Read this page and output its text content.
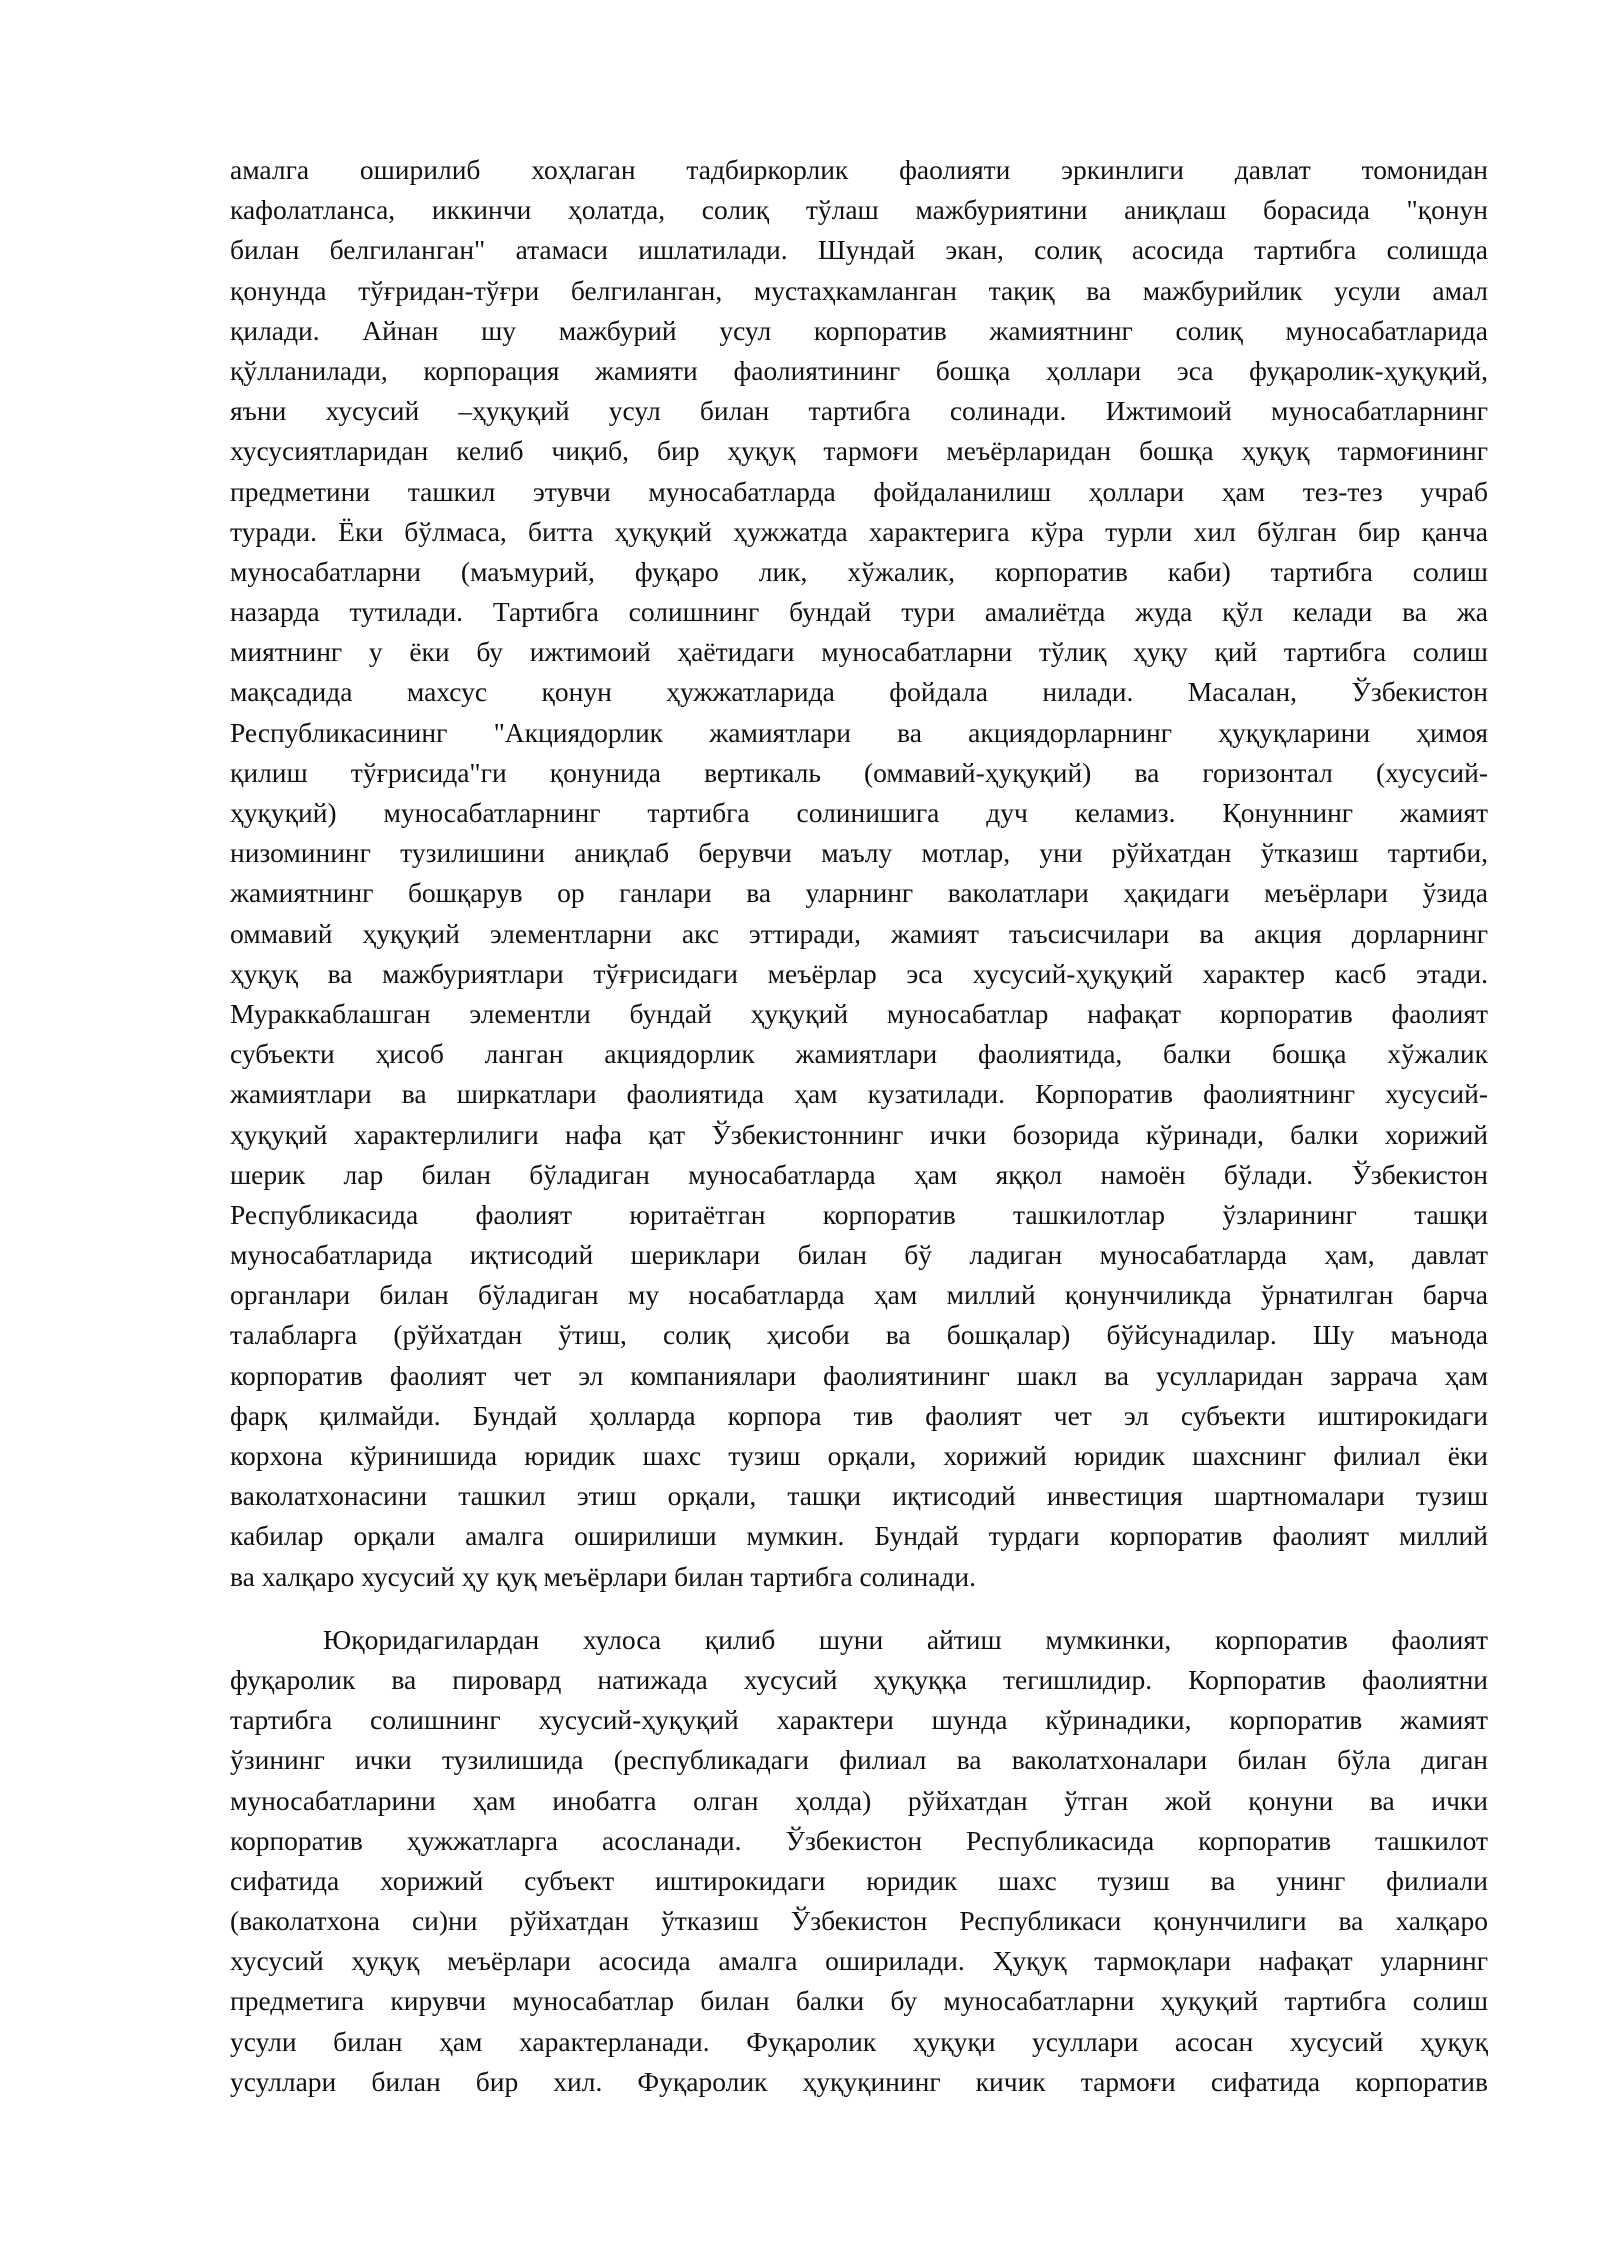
амалга оширилиб хоҳлаган тадбиркорлик фаолияти эркинлиги давлат томонидан
кафолатланса, иккинчи ҳолатда, солиқ тўлаш мажбуриятини аниқлаш борасида "қонун
билан белгиланган" атамаси ишлатилади. Шундай экан, солиқ асосида тартибга солишда
қонунда тўғридан-тўғри белгиланган, мустаҳкамланган тақиқ ва мажбурийлик усули амал
қилади. Айнан шу мажбурий усул корпоратив жамиятнинг солиқ муносабатларида
қўлланилади, корпорация жамияти фаолиятининг бошқа ҳоллари эса фуқаролик-ҳуқуқий,
яъни хусусий –ҳуқуқий усул билан тартибга солинади. Ижтимоий муносабатларнинг
хусусиятларидан келиб чиқиб, бир ҳуқуқ тармоғи меъёрларидан бошқа ҳуқуқ тармоғининг
предметини ташкил этувчи муносабатларда фойдаланилиш ҳоллари ҳам тез-тез учраб
туради. Ёки бўлмаса, битта ҳуқуқий ҳужжатда характерига кўра турли хил бўлган бир қанча
муносабатларни (маъмурий, фуқаро лик, хўжалик, корпоратив каби) тартибга солиш
назарда тутилади. Тартибга солишнинг бундай тури амалиётда жуда қўл келади ва жа
миятнинг у ёки бу ижтимоий ҳаётидаги муносабатларни тўлиқ ҳуқу қий тартибга солиш
мақсадида махсус қонун ҳужжатларида фойдала нилади. Масалан, Ўзбекистон
Республикасининг "Акциядорлик жамиятлари ва акциядорларнинг ҳуқуқларини ҳимоя
қилиш тўғрисида"ги қонунида вертикаль (оммавий-ҳуқуқий) ва горизонтал (хусусий-
ҳуқуқий) муносабатларнинг тартибга солинишига дуч келамиз. Қонуннинг жамият
низомининг тузилишини аниқлаб берувчи маълу мотлар, уни рўйхатдан ўтказиш тартиби,
жамиятнинг бошқарув ор ганлари ва уларнинг ваколатлари ҳақидаги меъёрлари ўзида
оммавий ҳуқуқий элементларни акс эттиради, жамият таъсисчилари ва акция дорларнинг
ҳуқуқ ва мажбуриятлари тўғрисидаги меъёрлар эса хусусий-ҳуқуқий характер касб этади.
Мураккаблашган элементли бундай ҳуқуқий муносабатлар нафақат корпоратив фаолият
субъекти ҳисоб ланган акциядорлик жамиятлари фаолиятида, балки бошқа хўжалик
жамиятлари ва ширкатлари фаолиятида ҳам кузатилади. Корпоратив фаолиятнинг хусусий-
ҳуқуқий характерлилиги нафа қат Ўзбекистоннинг ички бозорида кўринади, балки хорижий
шерик лар билан бўладиган муносабатларда ҳам яққол намоён бўлади. Ўзбекистон
Республикасида фаолият юритаётган корпоратив ташкилотлар ўзларининг ташқи
муносабатларида иқтисодий шериклари билан бў ладиган муносабатларда ҳам, давлат
органлари билан бўладиган му носабатларда ҳам миллий қонунчиликда ўрнатилган барча
талабларга (рўйхатдан ўтиш, солиқ ҳисоби ва бошқалар) бўйсунадилар. Шу маънода
корпоратив фаолият чет эл компаниялари фаолиятининг шакл ва усулларидан заррача ҳам
фарқ қилмайди. Бундай ҳолларда корпора тив фаолият чет эл субъекти иштирокидаги
корхона кўринишида юридик шахс тузиш орқали, хорижий юридик шахснинг филиал ёки
ваколатхонасини ташкил этиш орқали, ташқи иқтисодий инвестиция шартномалари тузиш
кабилар орқали амалга оширилиши мумкин. Бундай турдаги корпоратив фаолият миллий
ва халқаро хусусий ҳу қуқ меъёрлари билан тартибга солинади.
Юқоридагилардан хулоса қилиб шуни айтиш мумкинки, корпоратив фаолият
фуқаролик ва пировард натижада хусусий ҳуқуққа тегишлидир. Корпоратив фаолиятни
тартибга солишнинг хусусий-ҳуқуқий характери шунда кўринадики, корпоратив жамият
ўзининг ички тузилишида (республикадаги филиал ва ваколатхоналари билан бўла диган
муносабатларини ҳам инобатга олган ҳолда) рўйхатдан ўтган жой қонуни ва ички
корпоратив ҳужжатларга асосланади. Ўзбекистон Республикасида корпоратив ташкилот
сифатида хорижий субъект иштирокидаги юридик шахс тузиш ва унинг филиали
(ваколатхона си)ни рўйхатдан ўтказиш Ўзбекистон Республикаси қонунчилиги ва халқаро
хусусий ҳуқуқ меъёрлари асосида амалга оширилади. Ҳуқуқ тармоқлари нафақат уларнинг
предметига кирувчи муносабатлар билан балки бу муносабатларни ҳуқуқий тартибга солиш
усули билан ҳам характерланади. Фуқаролик ҳуқуқи усуллари асосан хусусий ҳуқуқ
усуллари билан бир хил. Фуқаролик ҳуқуқининг кичик тармоғи сифатида корпоратив
